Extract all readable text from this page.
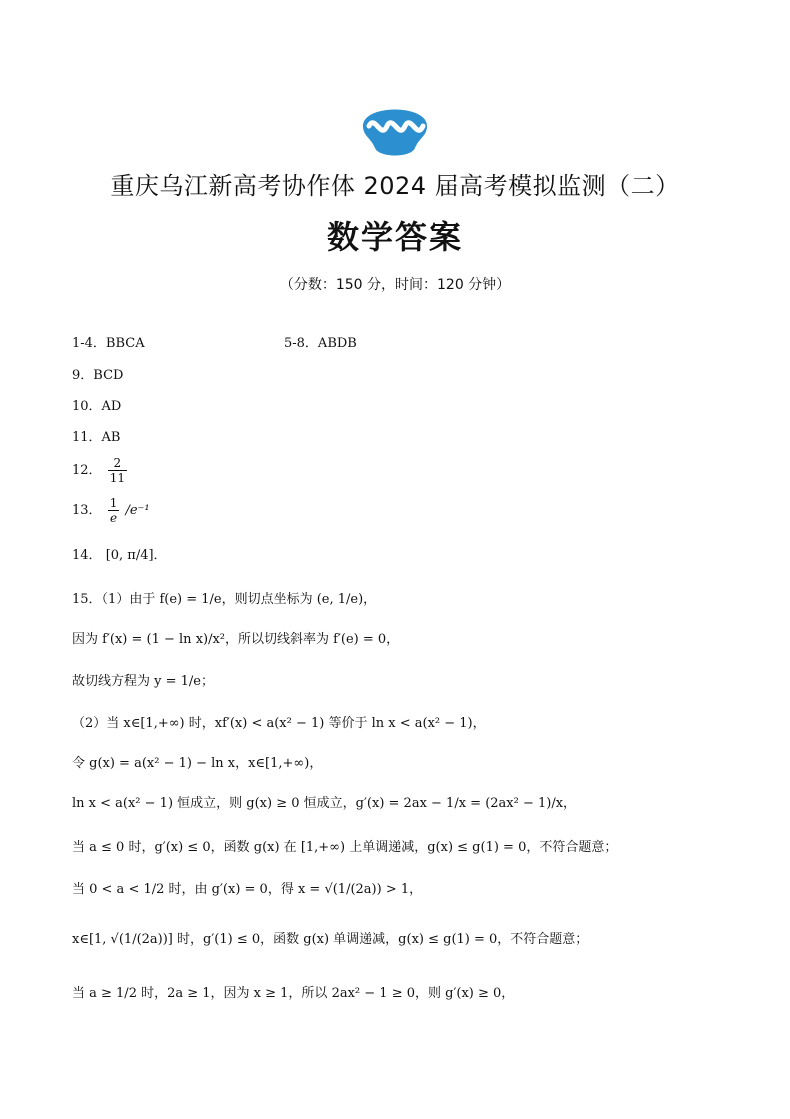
重庆乌江新高考协作体 2024 届高考模拟监测（二）
数学答案
（分数：150 分，时间：120 分钟）
1-4．BBCA	5-8．ABDB
9．BCD
10．AD
11．AB
12． $\frac{2}{11}$
13． $\frac{1}{e} /e^{-1}$
14． [0, π/4]．
15．（1）由于 f(e) = 1/e，则切点坐标为 (e, 1/e)，
因为 f′(x) = (1 − ln x)/x²，所以切线斜率为 f′(e) = 0，
故切线方程为 y = 1/e；
（2）当 x∈[1,+∞) 时，xf′(x) < a(x² − 1) 等价于 ln x < a(x² − 1)，
令 g(x) = a(x² − 1) − ln x，x∈[1,+∞)，
ln x < a(x² − 1) 恒成立，则 g(x) ≥ 0 恒成立，g′(x) = 2ax − 1/x = (2ax² − 1)/x，
当 a ≤ 0 时，g′(x) ≤ 0，函数 g(x) 在 [1,+∞) 上单调递减，g(x) ≤ g(1) = 0，不符合题意；
当 0 < a < 1/2 时，由 g′(x) = 0，得 x = √(1/(2a)) > 1，
x∈[1, √(1/(2a))] 时，g′(1) ≤ 0，函数 g(x) 单调递减，g(x) ≤ g(1) = 0，不符合题意；
当 a ≥ 1/2 时，2a ≥ 1，因为 x ≥ 1，所以 2ax² − 1 ≥ 0，则 g′(x) ≥ 0，
